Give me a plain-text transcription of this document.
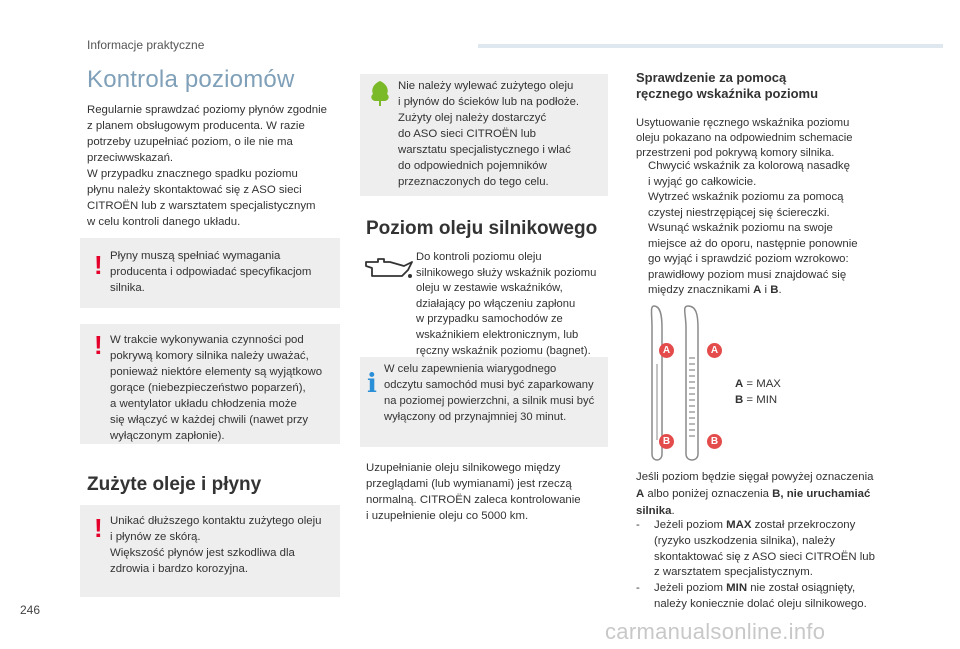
Informacje praktyczne
Kontrola poziomów
Regularnie sprawdzać poziomy płynów zgodnie
z planem obsługowym producenta. W razie
potrzeby uzupełniać poziom, o ile nie ma
przeciwwskazań.
W przypadku znacznego spadku poziomu
płynu należy skontaktować się z ASO sieci
CITROËN lub z warsztatem specjalistycznym
w celu kontroli danego układu.
! Płyny muszą spełniać wymagania
producenta i odpowiadać specyfikacjom
silnika.
! W trakcie wykonywania czynności pod
pokrywą komory silnika należy uważać,
ponieważ niektóre elementy są wyjątkowo
gorące (niebezpieczeństwo poparzeń),
a wentylator układu chłodzenia może
się włączyć w każdej chwili (nawet przy
wyłączonym zapłonie).
Zużyte oleje i płyny
! Unikać dłuższego kontaktu zużytego oleju
i płynów ze skórą.
Większość płynów jest szkodliwa dla
zdrowia i bardzo korozyjna.
Nie należy wylewać zużytego oleju
i płynów do ścieków lub na podłoże.
Zużyty olej należy dostarczyć
do ASO sieci CITROËN lub
warsztatu specjalistycznego i wlać
do odpowiednich pojemników
przeznaczonych do tego celu.
Poziom oleju silnikowego
Do kontroli poziomu oleju
silnikowego służy wskaźnik poziomu
oleju w zestawie wskaźników,
działający po włączeniu zapłonu
w przypadku samochodów ze
wskaźnikiem elektronicznym, lub
ręczny wskaźnik poziomu (bagnet).
i W celu zapewnienia wiarygodnego
odczytu samochód musi być zaparkowany
na poziomej powierzchni, a silnik musi być
wyłączony od przynajmniej 30 minut.
Uzupełnianie oleju silnikowego między
przeglądami (lub wymianami) jest rzeczą
normalną. CITROËN zaleca kontrolowanie
i uzupełnienie oleju co 5000 km.
Sprawdzenie za pomocą
ręcznego wskaźnika poziomu
Usytuowanie ręcznego wskaźnika poziomu
oleju pokazano na odpowiednim schemacie
przestrzeni pod pokrywą komory silnika.
Chwycić wskaźnik za kolorową nasadkę
i wyjąć go całkowicie.
Wytrzeć wskaźnik poziomu za pomocą
czystej niestrzępiącej się ściereczki.
Wsunąć wskaźnik poziomu na swoje
miejsce aż do oporu, następnie ponownie
go wyjąć i sprawdzić poziom wzrokowo:
prawidłowy poziom musi znajdować się
między znacznikami A i B.
A	A
B	B
A = MAX
B = MIN
Jeśli poziom będzie sięgał powyżej oznaczenia
A albo poniżej oznaczenia B, nie uruchamiać
silnika.
-	Jeżeli poziom MAX został przekroczony
(ryzyko uszkodzenia silnika), należy
skontaktować się z ASO sieci CITROËN lub
z warsztatem specjalistycznym.
-	Jeżeli poziom MIN nie został osiągnięty,
należy koniecznie dolać oleju silnikowego.
246
carmanualsonline.info
